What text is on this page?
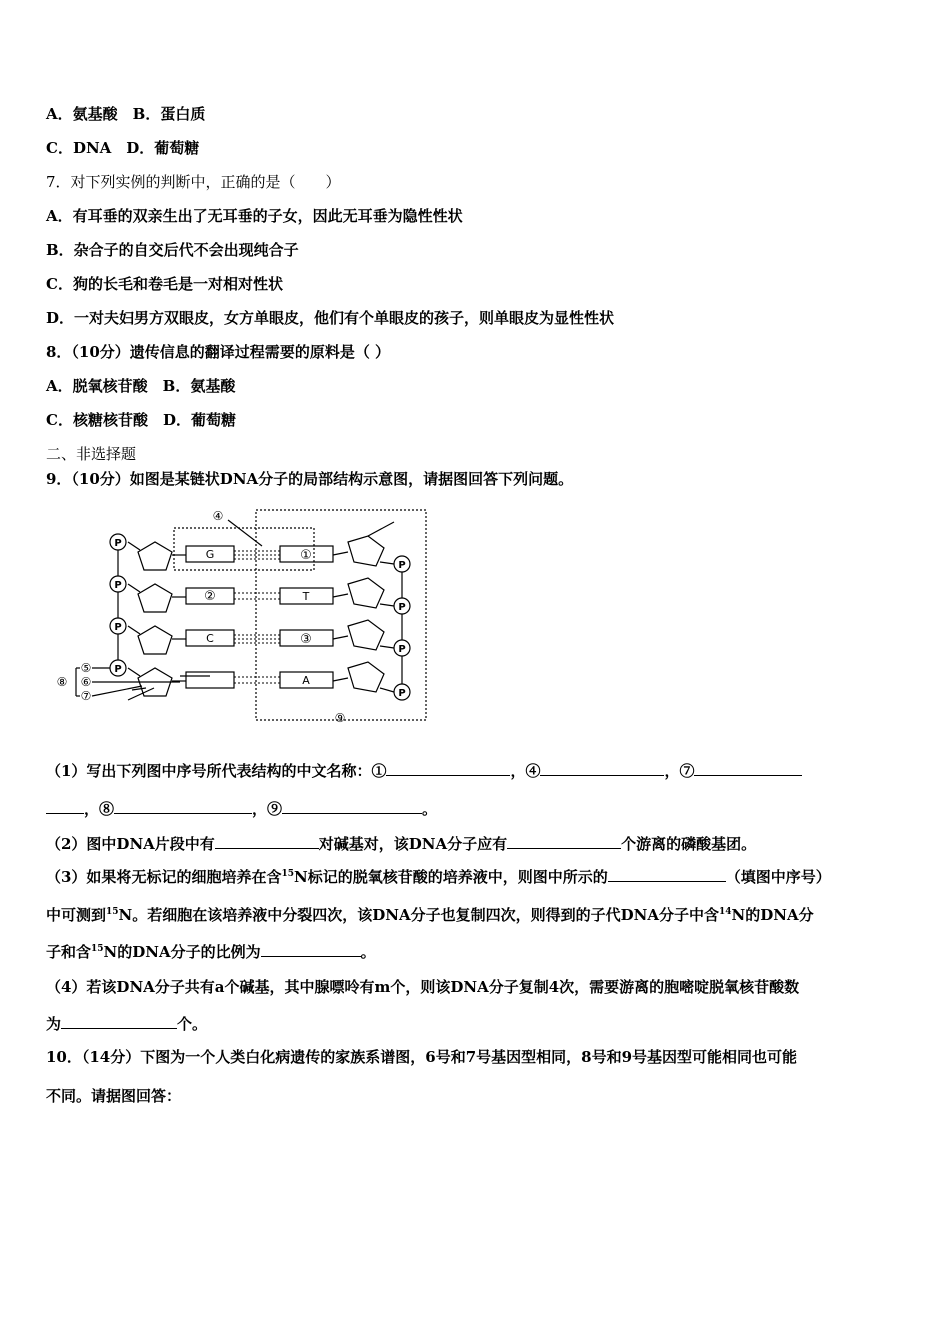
A．氨基酸　B．蛋白质
C．DNA　D．葡萄糖
7．对下列实例的判断中，正确的是（　　）
A．有耳垂的双亲生出了无耳垂的子女，因此无耳垂为隐性性状
B．杂合子的自交后代不会出现纯合子
C．狗的长毛和卷毛是一对相对性状
D．一对夫妇男方双眼皮，女方单眼皮，他们有个单眼皮的孩子，则单眼皮为显性性状
8．（10分）遗传信息的翻译过程需要的原料是（ ）
A．脱氧核苷酸　B．氨基酸
C．核糖核苷酸　D．葡萄糖
二、非选择题
9．（10分）如图是某链状DNA分子的局部结构示意图，请据图回答下列问题。
P
P
P
P
P
P
P
P
G
②
C
①
T
③
A
④
⑤
⑥
⑦
⑧
⑨
（1）写出下列图中序号所代表结构的中文名称：①	，④	，⑦
，⑧	，⑨	。
（2）图中DNA片段中有	对碱基对，该DNA分子应有	个游离的磷酸基团。
（3）如果将无标记的细胞培养在含$^{15}$N标记的脱氧核苷酸的培养液中，则图中所示的	（填图中序号）
中可测到$^{15}$N。若细胞在该培养液中分裂四次，该DNA分子也复制四次，则得到的子代DNA分子中含$^{14}$N的DNA分
子和含$^{15}$N的DNA分子的比例为	。
（4）若该DNA分子共有a个碱基，其中腺嘌呤有m个，则该DNA分子复制4次，需要游离的胞嘧啶脱氧核苷酸数
为	个。
10．（14分）下图为一个人类白化病遗传的家族系谱图，6号和7号基因型相同，8号和9号基因型可能相同也可能
不同。请据图回答：
